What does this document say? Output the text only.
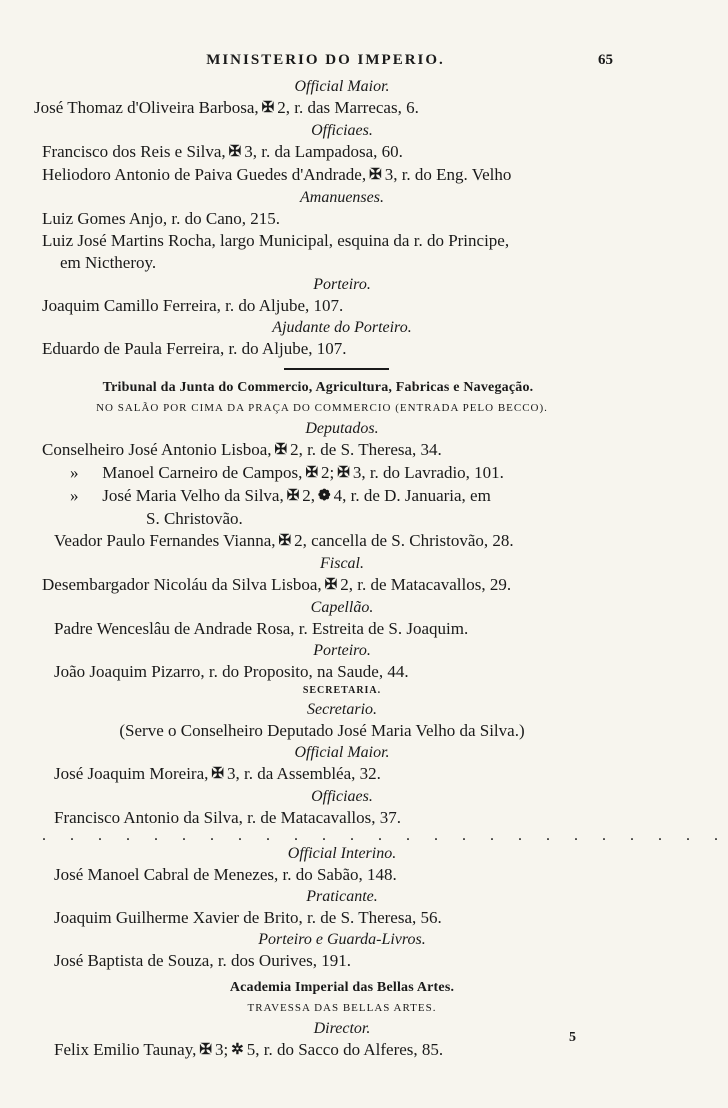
MINISTERIO DO IMPERIO.	65
Official Maior.
José Thomaz d'Oliveira Barbosa, ✠ 2, r. das Marrecas, 6.
Officiaes.
Francisco dos Reis e Silva, ✠ 3, r. da Lampadosa, 60.
Heliodoro Antonio de Paiva Guedes d'Andrade, ✠ 3, r. do Eng. Velho
Amanuenses.
Luiz Gomes Anjo, r. do Cano, 215.
Luiz José Martins Rocha, largo Municipal, esquina da r. do Principe,
em Nictheroy.
Porteiro.
Joaquim Camillo Ferreira, r. do Aljube, 107.
Ajudante do Porteiro.
Eduardo de Paula Ferreira, r. do Aljube, 107.
Tribunal da Junta do Commercio, Agricultura, Fabricas e Navegação.
NO SALÃO POR CIMA DA PRAÇA DO COMMERCIO (ENTRADA PELO BECCO).
Deputados.
Conselheiro José Antonio Lisboa, ✠ 2, r. de S. Theresa, 34.
» Manoel Carneiro de Campos, ✠ 2; ✠ 3, r. do Lavradio, 101.
» José Maria Velho da Silva, ✠ 2, ❁ 4, r. de D. Januaria, em
S. Christovão.
Veador Paulo Fernandes Vianna, ✠ 2, cancella de S. Christovão, 28.
Fiscal.
Desembargador Nicoláu da Silva Lisboa, ✠ 2, r. de Matacavallos, 29.
Capellão.
Padre Wenceslâu de Andrade Rosa, r. Estreita de S. Joaquim.
Porteiro.
João Joaquim Pizarro, r. do Proposito, na Saude, 44.
SECRETARIA.
Secretario.
(Serve o Conselheiro Deputado José Maria Velho da Silva.)
Official Maior.
José Joaquim Moreira, ✠ 3, r. da Assembléa, 32.
Officiaes.
Francisco Antonio da Silva, r. de Matacavallos, 37.
. . . . . . . . . . . . . . . . . . . . . . . . .
Official Interino.
José Manoel Cabral de Menezes, r. do Sabão, 148.
Praticante.
Joaquim Guilherme Xavier de Brito, r. de S. Theresa, 56.
Porteiro e Guarda-Livros.
José Baptista de Souza, r. dos Ourives, 191.
Academia Imperial das Bellas Artes.
TRAVESSA DAS BELLAS ARTES.
Director.
Felix Emilio Taunay, ✠ 3; ✲ 5, r. do Sacco do Alferes, 85.
5
